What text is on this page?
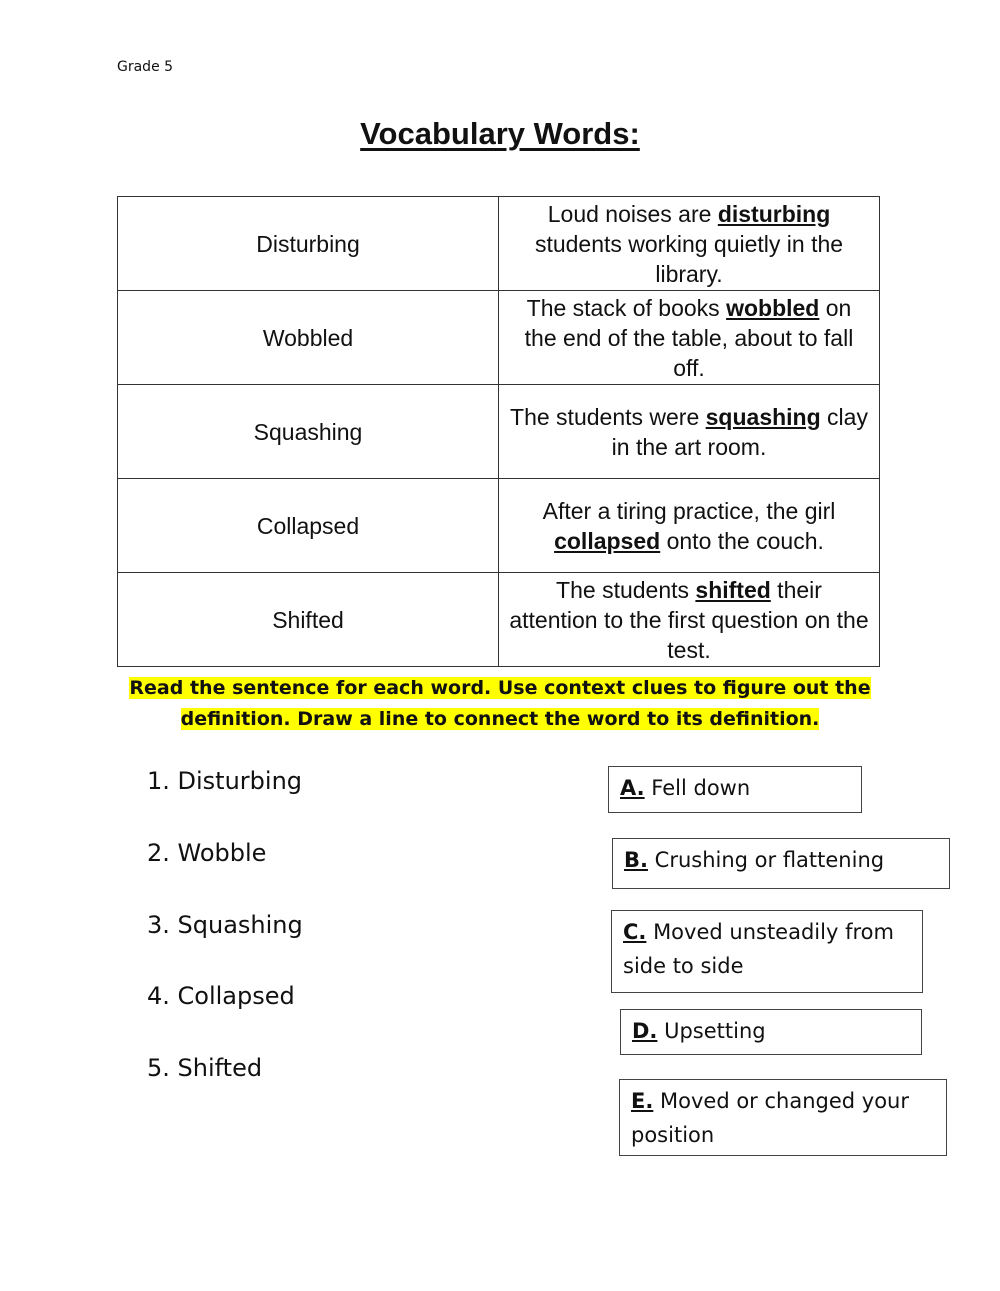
Grade 5
Vocabulary Words:
Disturbing	Loud noises are disturbing students working quietly in the library.
Wobbled	The stack of books wobbled on the end of the table, about to fall off.
Squashing	The students were squashing clay in the art room.
Collapsed	After a tiring practice, the girl collapsed onto the couch.
Shifted	The students shifted their attention to the first question on the test.
Read the sentence for each word. Use context clues to figure out the
definition. Draw a line to connect the word to its definition.
1. Disturbing
2. Wobble
3. Squashing
4. Collapsed
5. Shifted
A. Fell down
B. Crushing or flattening
C. Moved unsteadily from side to side
D. Upsetting
E. Moved or changed your position
